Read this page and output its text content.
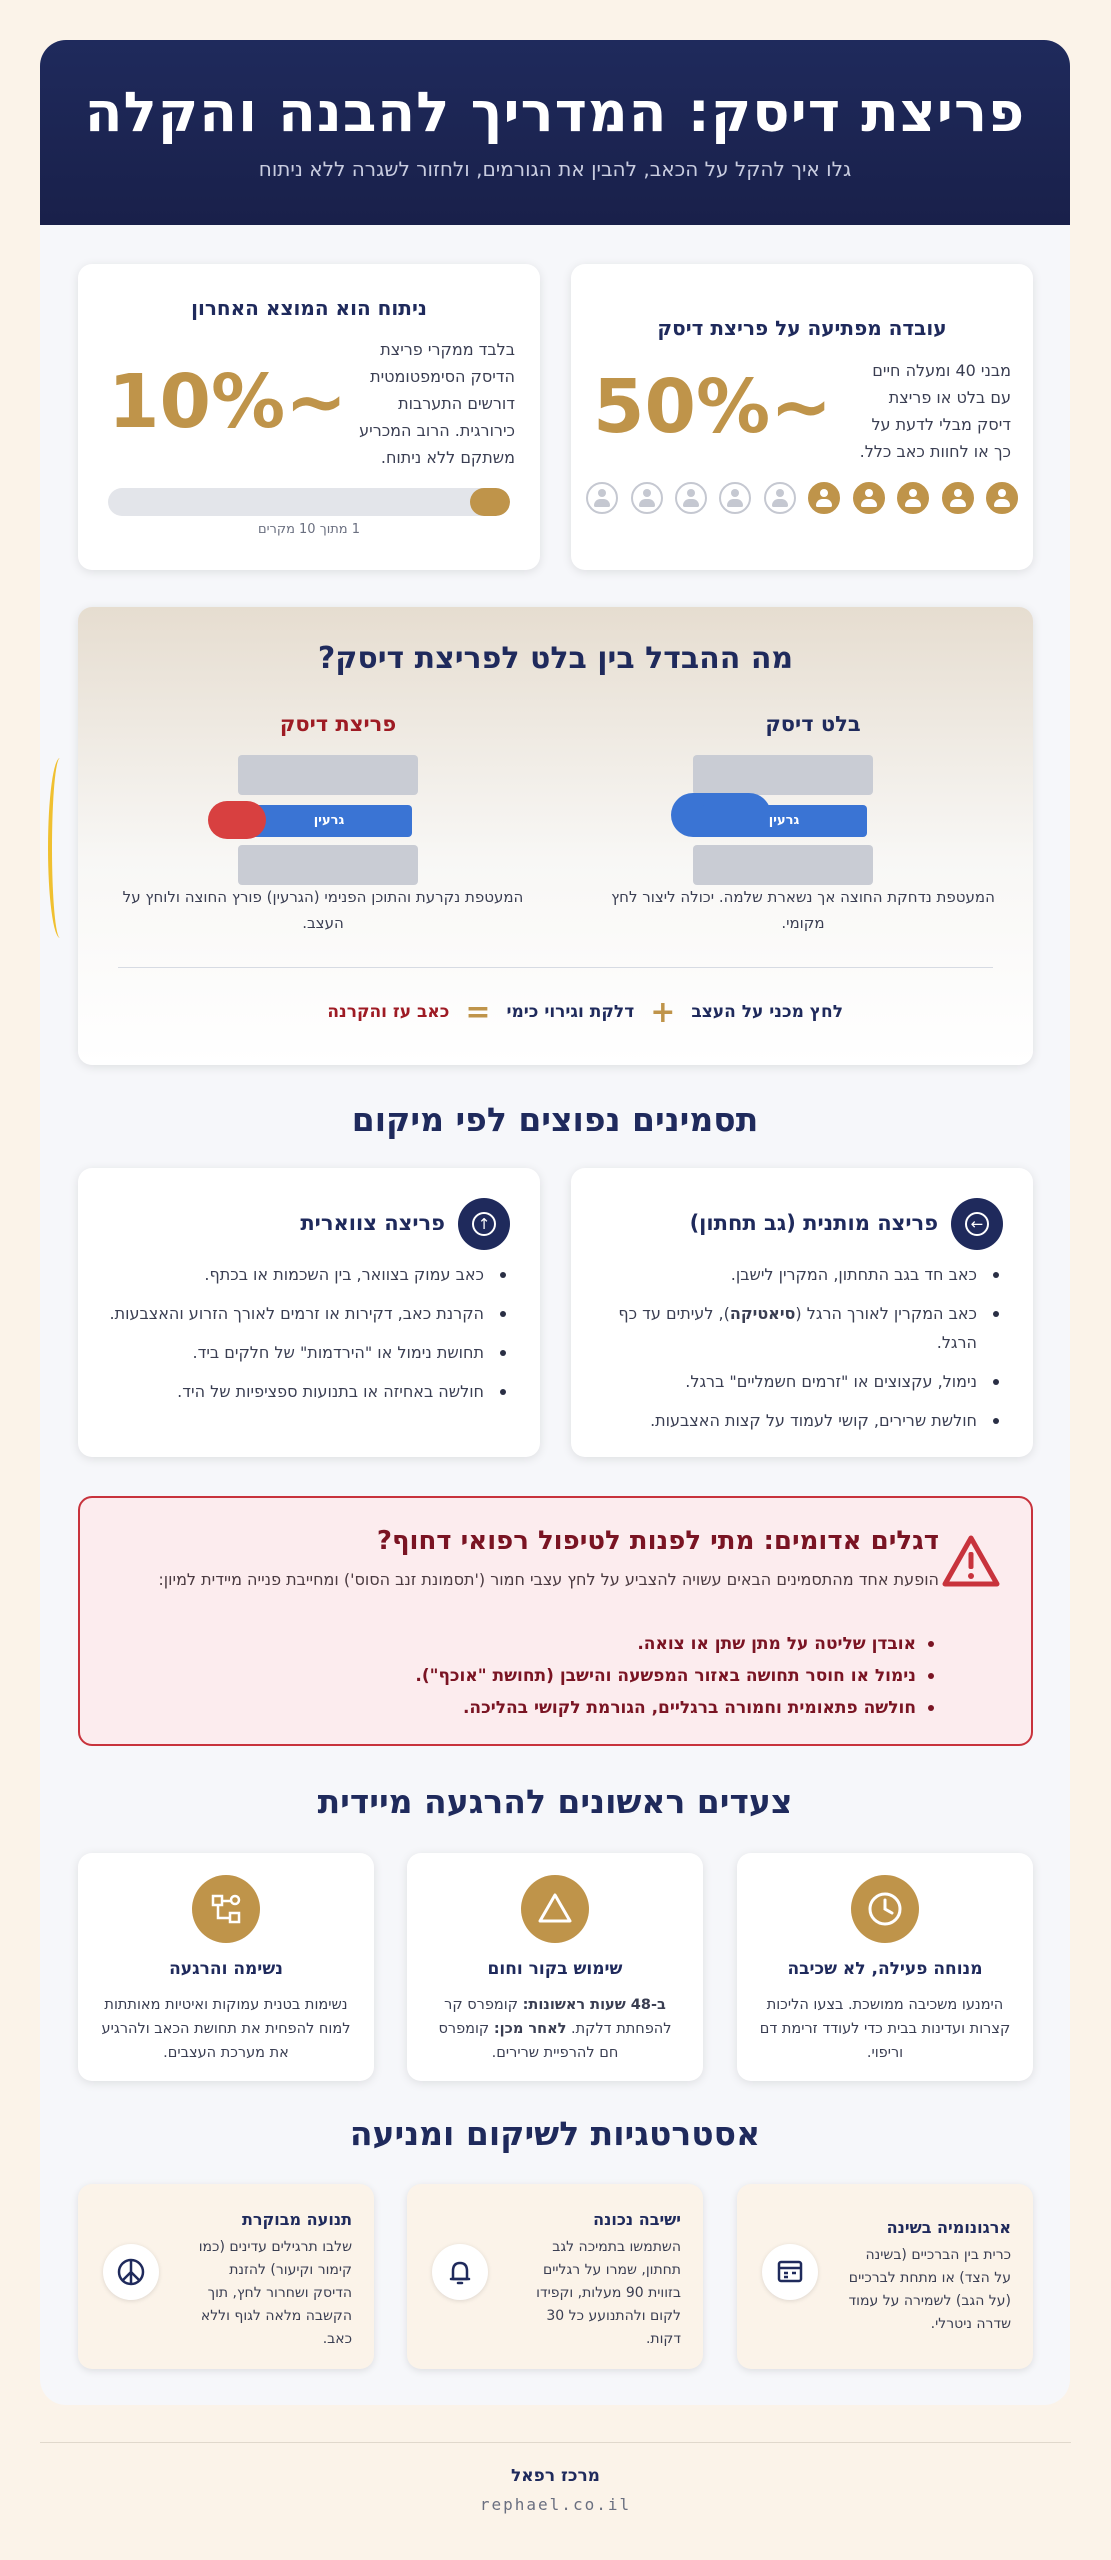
פריצת דיסק: המדריך להבנה והקלה

גלו איך להקל על הכאב, להבין את הגורמים, ולחזור לשגרה ללא ניתוח

עובדה מפתיעה על פריצת דיסק
מבני 40 ומעלה חיים עם בלט או פריצת דיסק מבלי לדעת על כך או לחוות כאב כלל.
50%~
ניתוח הוא המוצא האחרון
בלבד ממקרי פריצת הדיסק הסימפטומטית דורשים התערבות כירורגית. הרוב המכריע משתקם ללא ניתוח.
10%~
1 מתוך 10 מקרים
מה ההבדל בין בלט לפריצת דיסק?
בלט דיסק
גרעין
המעטפת נדחקת החוצה אך נשארת שלמה. יכולה ליצור לחץ מקומי.
פריצת דיסק
גרעין
המעטפת נקרעת והתוכן הפנימי (הגרעין) פורץ החוצה ולוחץ על העצב.
לחץ מכני על העצב
+
דלקת וגירוי כימי
=
כאב עז והקרנה
תסמינים נפוצים לפי מיקום
←
פריצה מותנית (גב תחתון)
כאב חד בגב התחתון, המקרין לישבן.
כאב המקרין לאורך הרגל (סיאטיקה), לעיתים עד כף הרגל.
נימול, עקצוצים או "זרמים חשמליים" ברגל.
חולשת שרירים, קושי לעמוד על קצות האצבעות.
↑
פריצה צווארית
כאב עמוק בצוואר, בין השכמות או בכתף.
הקרנת כאב, דקירות או זרמים לאורך הזרוע והאצבעות.
תחושת נימול או "הירדמות" של חלקים ביד.
חולשה באחיזה או בתנועות ספציפיות של היד.
דגלים אדומים: מתי לפנות לטיפול רפואי דחוף?

הופעת אחד מהתסמינים הבאים עשויה להצביע על לחץ עצבי חמור ('תסמונת זנב הסוס') ומחייבת פנייה מיידית למיון:

אובדן שליטה על מתן שתן או צואה.
נימול או חוסר תחושה באזור המפשעה והישבן (תחושת "אוכף").
חולשה פתאומית וחמורה ברגליים, הגורמת לקושי בהליכה.
צעדים ראשונים להרגעה מיידית
מנוחה פעילה, לא שכיבה
הימנעו משכיבה ממושכת. בצעו הליכות קצרות ועדינות בבית כדי לעודד זרימת דם וריפוי.
שימוש בקור וחום
ב-48 שעות ראשונות: קומפרס קר להפחתת דלקת. לאחר מכן: קומפרס חם להרפיית שרירים.
נשימה והרגעה
נשימות בטנית עמוקות ואיטיות מאותתות למוח להפחית את תחושת הכאב ולהרגיע את מערכת העצבים.
אסטרטגיות לשיקום ומניעה
ארגונומיה בשינה
כרית בין הברכיים (בשינה על הצד) או מתחת לברכיים (על הגב) לשמירה על עמוד שדרה ניטרלי.
ישיבה נכונה
השתמשו בתמיכה לגב תחתון, שמרו על רגליים בזווית 90 מעלות, וקפידו לקום ולהתנועע כל 30 דקות.
תנועה מבוקרת
שלבו תרגילים עדינים (כמו קימור וקיעור) להזנת הדיסק ושחרור לחץ, תוך הקשבה מלאה לגוף וללא כאב.
מרכז רפאל
rephael.co.il
